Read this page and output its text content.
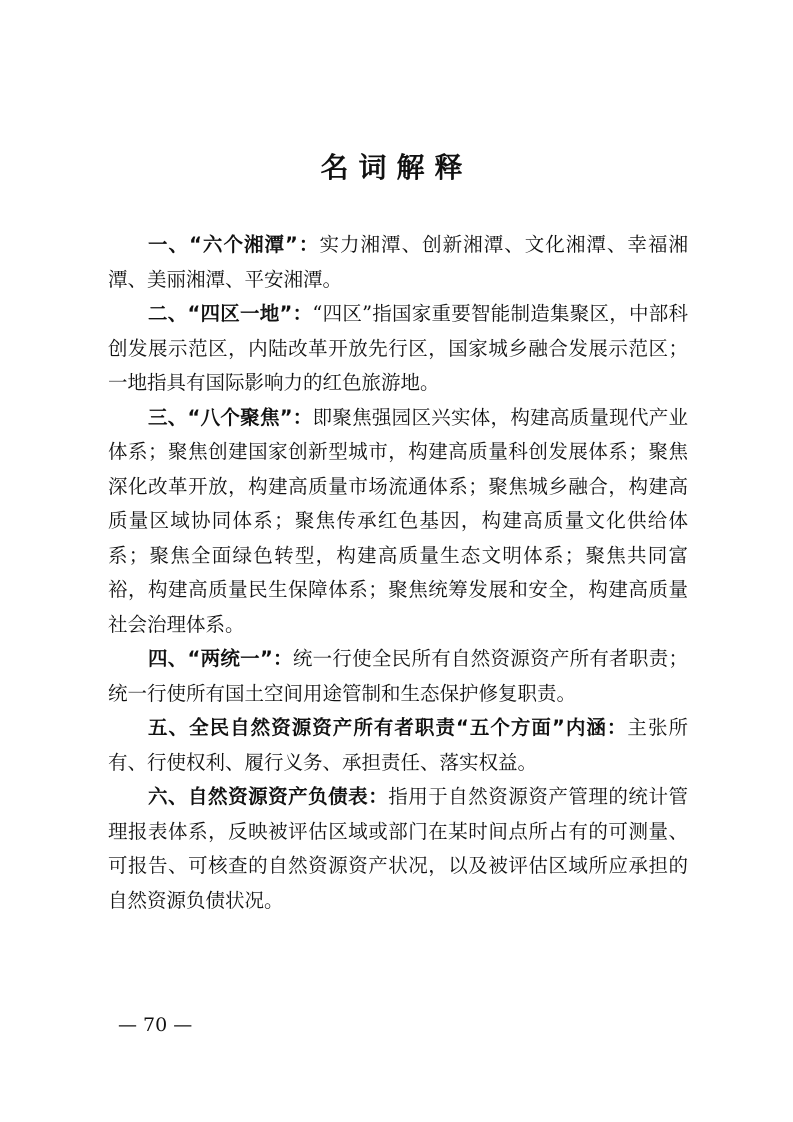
名词解释

一、“六个湘潭”：实力湘潭、创新湘潭、文化湘潭、幸福湘潭、美丽湘潭、平安湘潭。

二、“四区一地”：“四区”指国家重要智能制造集聚区，中部科创发展示范区，内陆改革开放先行区，国家城乡融合发展示范区；一地指具有国际影响力的红色旅游地。

三、“八个聚焦”：即聚焦强园区兴实体，构建高质量现代产业体系；聚焦创建国家创新型城市，构建高质量科创发展体系；聚焦深化改革开放，构建高质量市场流通体系；聚焦城乡融合，构建高质量区域协同体系；聚焦传承红色基因，构建高质量文化供给体系；聚焦全面绿色转型，构建高质量生态文明体系；聚焦共同富裕，构建高质量民生保障体系；聚焦统筹发展和安全，构建高质量社会治理体系。

四、“两统一”：统一行使全民所有自然资源资产所有者职责；统一行使所有国土空间用途管制和生态保护修复职责。

五、全民自然资源资产所有者职责“五个方面”内涵：主张所有、行使权利、履行义务、承担责任、落实权益。

六、自然资源资产负债表：指用于自然资源资产管理的统计管理报表体系，反映被评估区域或部门在某时间点所占有的可测量、可报告、可核查的自然资源资产状况，以及被评估区域所应承担的自然资源负债状况。

— 70 —
